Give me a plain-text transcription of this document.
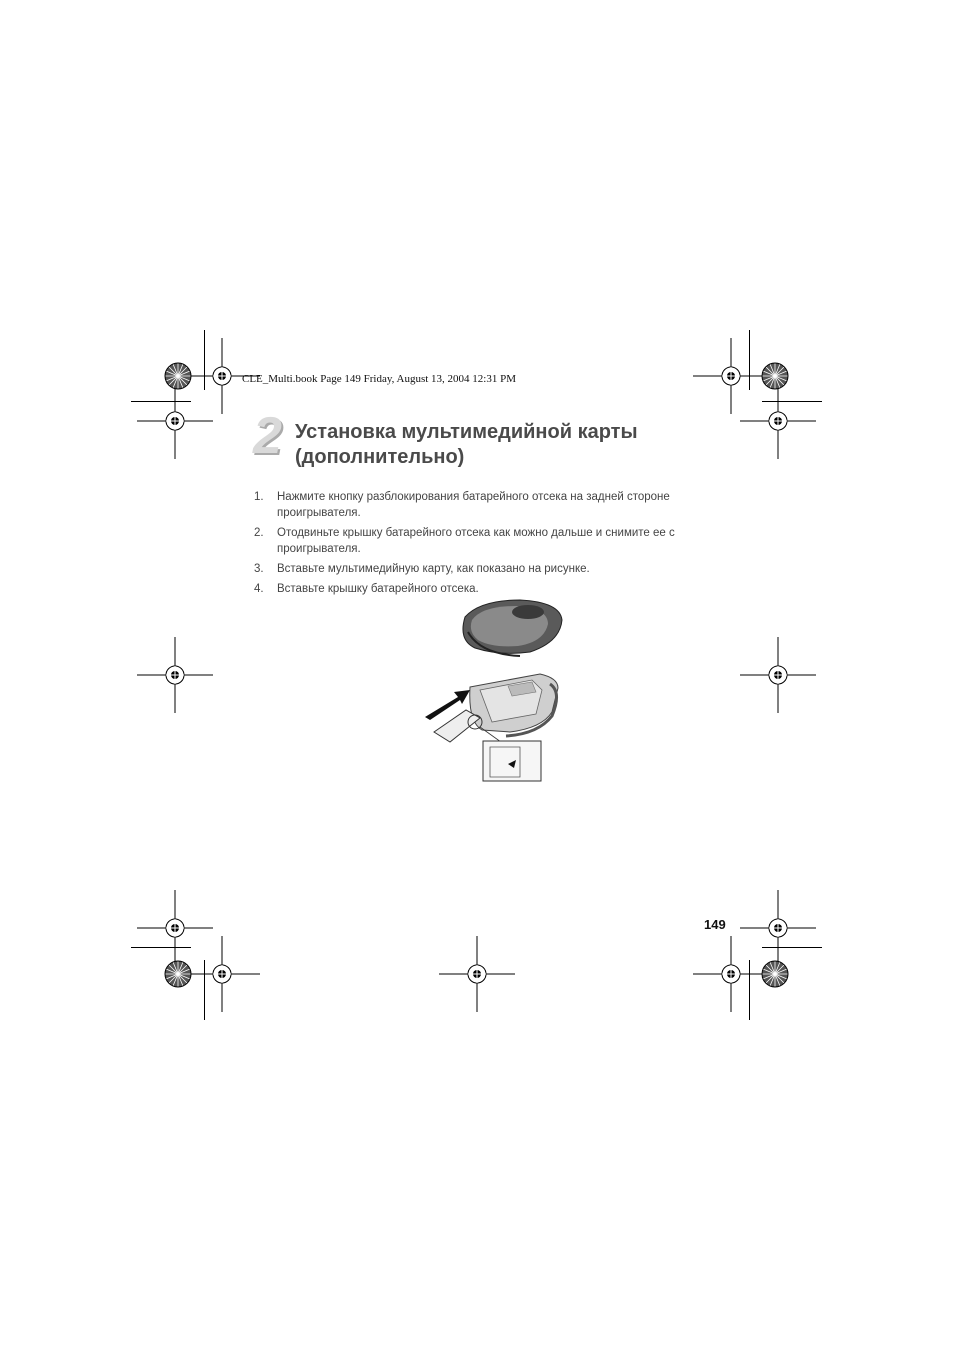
CLE_Multi.book Page 149 Friday, August 13, 2004 12:31 PM
2 Установка мультимедийной карты (дополнительно)
1. Нажмите кнопку разблокирования батарейного отсека на задней стороне проигрывателя.
2. Отодвиньте крышку батарейного отсека как можно дальше и снимите ее с проигрывателя.
3. Вставьте мультимедийную карту, как показано на рисунке.
4. Вставьте крышку батарейного отсека.
149
